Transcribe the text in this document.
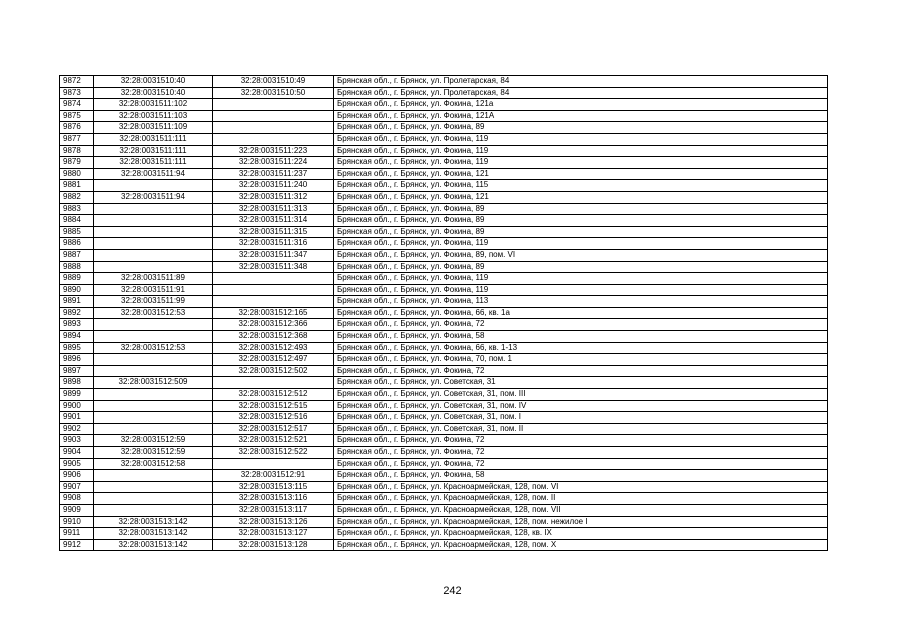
9872	32:28:0031510:40	32:28:0031510:49	Брянская обл., г. Брянск, ул. Пролетарская, 84
9873	32:28:0031510:40	32:28:0031510:50	Брянская обл., г. Брянск, ул. Пролетарская, 84
9874	32:28:0031511:102		Брянская обл., г. Брянск, ул. Фокина, 121а
9875	32:28:0031511:103		Брянская обл., г. Брянск, ул. Фокина, 121А
9876	32:28:0031511:109		Брянская обл., г. Брянск, ул. Фокина, 89
9877	32:28:0031511:111		Брянская обл., г. Брянск, ул. Фокина, 119
9878	32:28:0031511:111	32:28:0031511:223	Брянская обл., г. Брянск, ул. Фокина, 119
9879	32:28:0031511:111	32:28:0031511:224	Брянская обл., г. Брянск, ул. Фокина, 119
9880	32:28:0031511:94	32:28:0031511:237	Брянская обл., г. Брянск, ул. Фокина, 121
9881		32:28:0031511:240	Брянская обл., г. Брянск, ул. Фокина, 115
9882	32:28:0031511:94	32:28:0031511:312	Брянская обл., г. Брянск, ул. Фокина, 121
9883		32:28:0031511:313	Брянская обл., г. Брянск, ул. Фокина, 89
9884		32:28:0031511:314	Брянская обл., г. Брянск, ул. Фокина, 89
9885		32:28:0031511:315	Брянская обл., г. Брянск, ул. Фокина, 89
9886		32:28:0031511:316	Брянская обл., г. Брянск, ул. Фокина, 119
9887		32:28:0031511:347	Брянская обл., г. Брянск, ул. Фокина, 89, пом. VI
9888		32:28:0031511:348	Брянская обл., г. Брянск, ул. Фокина, 89
9889	32:28:0031511:89		Брянская обл., г. Брянск, ул. Фокина, 119
9890	32:28:0031511:91		Брянская обл., г. Брянск, ул. Фокина, 119
9891	32:28:0031511:99		Брянская обл., г. Брянск, ул. Фокина, 113
9892	32:28:0031512:53	32:28:0031512:165	Брянская обл., г. Брянск, ул. Фокина, 66, кв. 1а
9893		32:28:0031512:366	Брянская обл., г. Брянск, ул. Фокина, 72
9894		32:28:0031512:368	Брянская обл., г. Брянск, ул. Фокина, 58
9895	32:28:0031512:53	32:28:0031512:493	Брянская обл., г. Брянск, ул. Фокина, 66, кв. 1-13
9896		32:28:0031512:497	Брянская обл., г. Брянск, ул. Фокина, 70, пом. 1
9897		32:28:0031512:502	Брянская обл., г. Брянск, ул. Фокина, 72
9898	32:28:0031512:509		Брянская обл., г. Брянск, ул. Советская, 31
9899		32:28:0031512:512	Брянская обл., г. Брянск, ул. Советская, 31, пом. III
9900		32:28:0031512:515	Брянская обл., г. Брянск, ул. Советская, 31, пом. IV
9901		32:28:0031512:516	Брянская обл., г. Брянск, ул. Советская, 31, пом. I
9902		32:28:0031512:517	Брянская обл., г. Брянск, ул. Советская, 31, пом. II
9903	32:28:0031512:59	32:28:0031512:521	Брянская обл., г. Брянск, ул. Фокина, 72
9904	32:28:0031512:59	32:28:0031512:522	Брянская обл., г. Брянск, ул. Фокина, 72
9905	32:28:0031512:58		Брянская обл., г. Брянск, ул. Фокина, 72
9906		32:28:0031512:91	Брянская обл., г. Брянск, ул. Фокина, 58
9907		32:28:0031513:115	Брянская обл., г. Брянск, ул. Красноармейская, 128, пом. VI
9908		32:28:0031513:116	Брянская обл., г. Брянск, ул. Красноармейская, 128, пом. II
9909		32:28:0031513:117	Брянская обл., г. Брянск, ул. Красноармейская, 128, пом. VII
9910	32:28:0031513:142	32:28:0031513:126	Брянская обл., г. Брянск, ул. Красноармейская, 128, пом. нежилое I
9911	32:28:0031513:142	32:28:0031513:127	Брянская обл., г. Брянск, ул. Красноармейская, 128, кв. IX
9912	32:28:0031513:142	32:28:0031513:128	Брянская обл., г. Брянск, ул. Красноармейская, 128, пом. X
242
